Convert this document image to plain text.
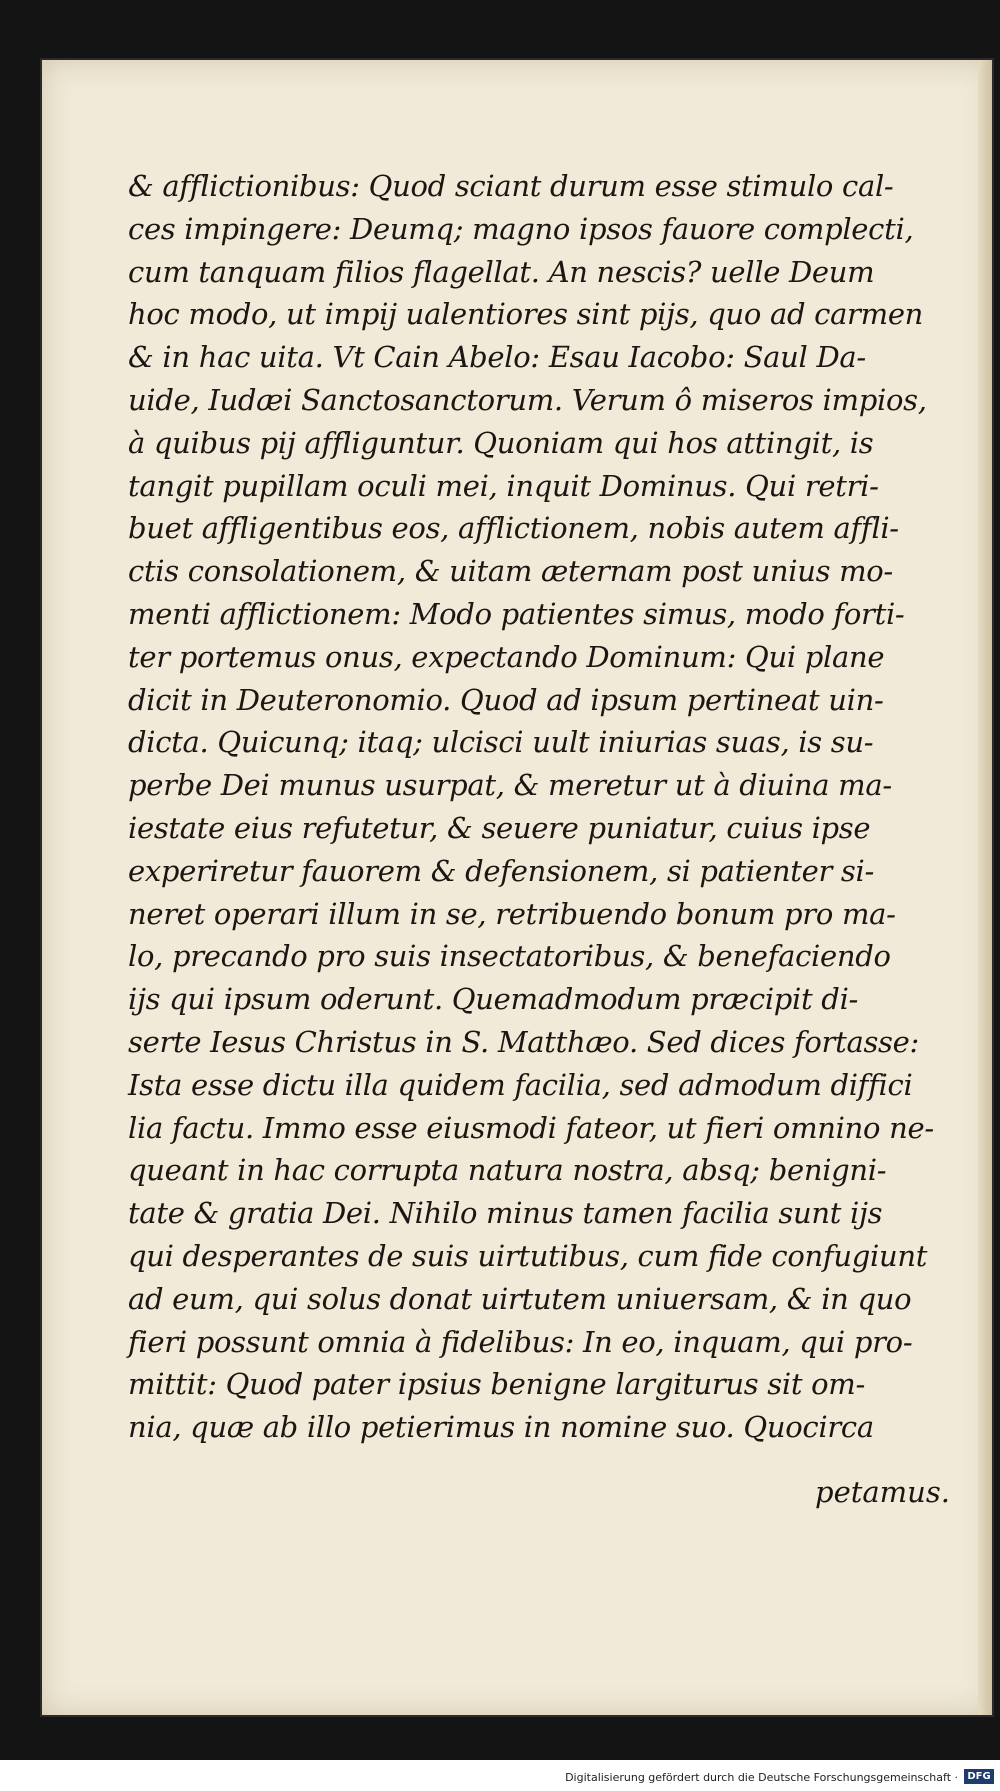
& afflictionibus: Quod sciant durum esse stimulo cal-
ces impingere: Deumq; magno ipsos fauore complecti,
cum tanquam filios flagellat. An nescis? uelle Deum
hoc modo, ut impij ualentiores sint pijs, quo ad carmen
& in hac uita. Vt Cain Abelo: Esau Iacobo: Saul Da-
uide, Iudæi Sanctosanctorum. Verum ô miseros impios,
à quibus pij affliguntur. Quoniam qui hos attingit, is
tangit pupillam oculi mei, inquit Dominus. Qui retri-
buet affligentibus eos, afflictionem, nobis autem affli-
ctis consolationem, & uitam æternam post unius mo-
menti afflictionem: Modo patientes simus, modo forti-
ter portemus onus, expectando Dominum: Qui plane
dicit in Deuteronomio. Quod ad ipsum pertineat uin-
dicta. Quicunq; itaq; ulcisci uult iniurias suas, is su-
perbe Dei munus usurpat, & meretur ut à diuina ma-
iestate eius refutetur, & seuere puniatur, cuius ipse
experiretur fauorem & defensionem, si patienter si-
neret operari illum in se, retribuendo bonum pro ma-
lo, precando pro suis insectatoribus, & benefaciendo
ijs qui ipsum oderunt. Quemadmodum præcipit di-
serte Iesus Christus in S. Matthæo. Sed dices fortasse:
Ista esse dictu illa quidem facilia, sed admodum diffici
lia factu. Immo esse eiusmodi fateor, ut fieri omnino ne-
queant in hac corrupta natura nostra, absq; benigni-
tate & gratia Dei. Nihilo minus tamen facilia sunt ijs
qui desperantes de suis uirtutibus, cum fide confugiunt
ad eum, qui solus donat uirtutem uniuersam, & in quo
fieri possunt omnia à fidelibus: In eo, inquam, qui pro-
mittit: Quod pater ipsius benigne largiturus sit om-
nia, quæ ab illo petierimus in nomine suo. Quocirca
petamus.
Digitalisierung gefördert durch die Deutsche Forschungsgemeinschaft · DFG
